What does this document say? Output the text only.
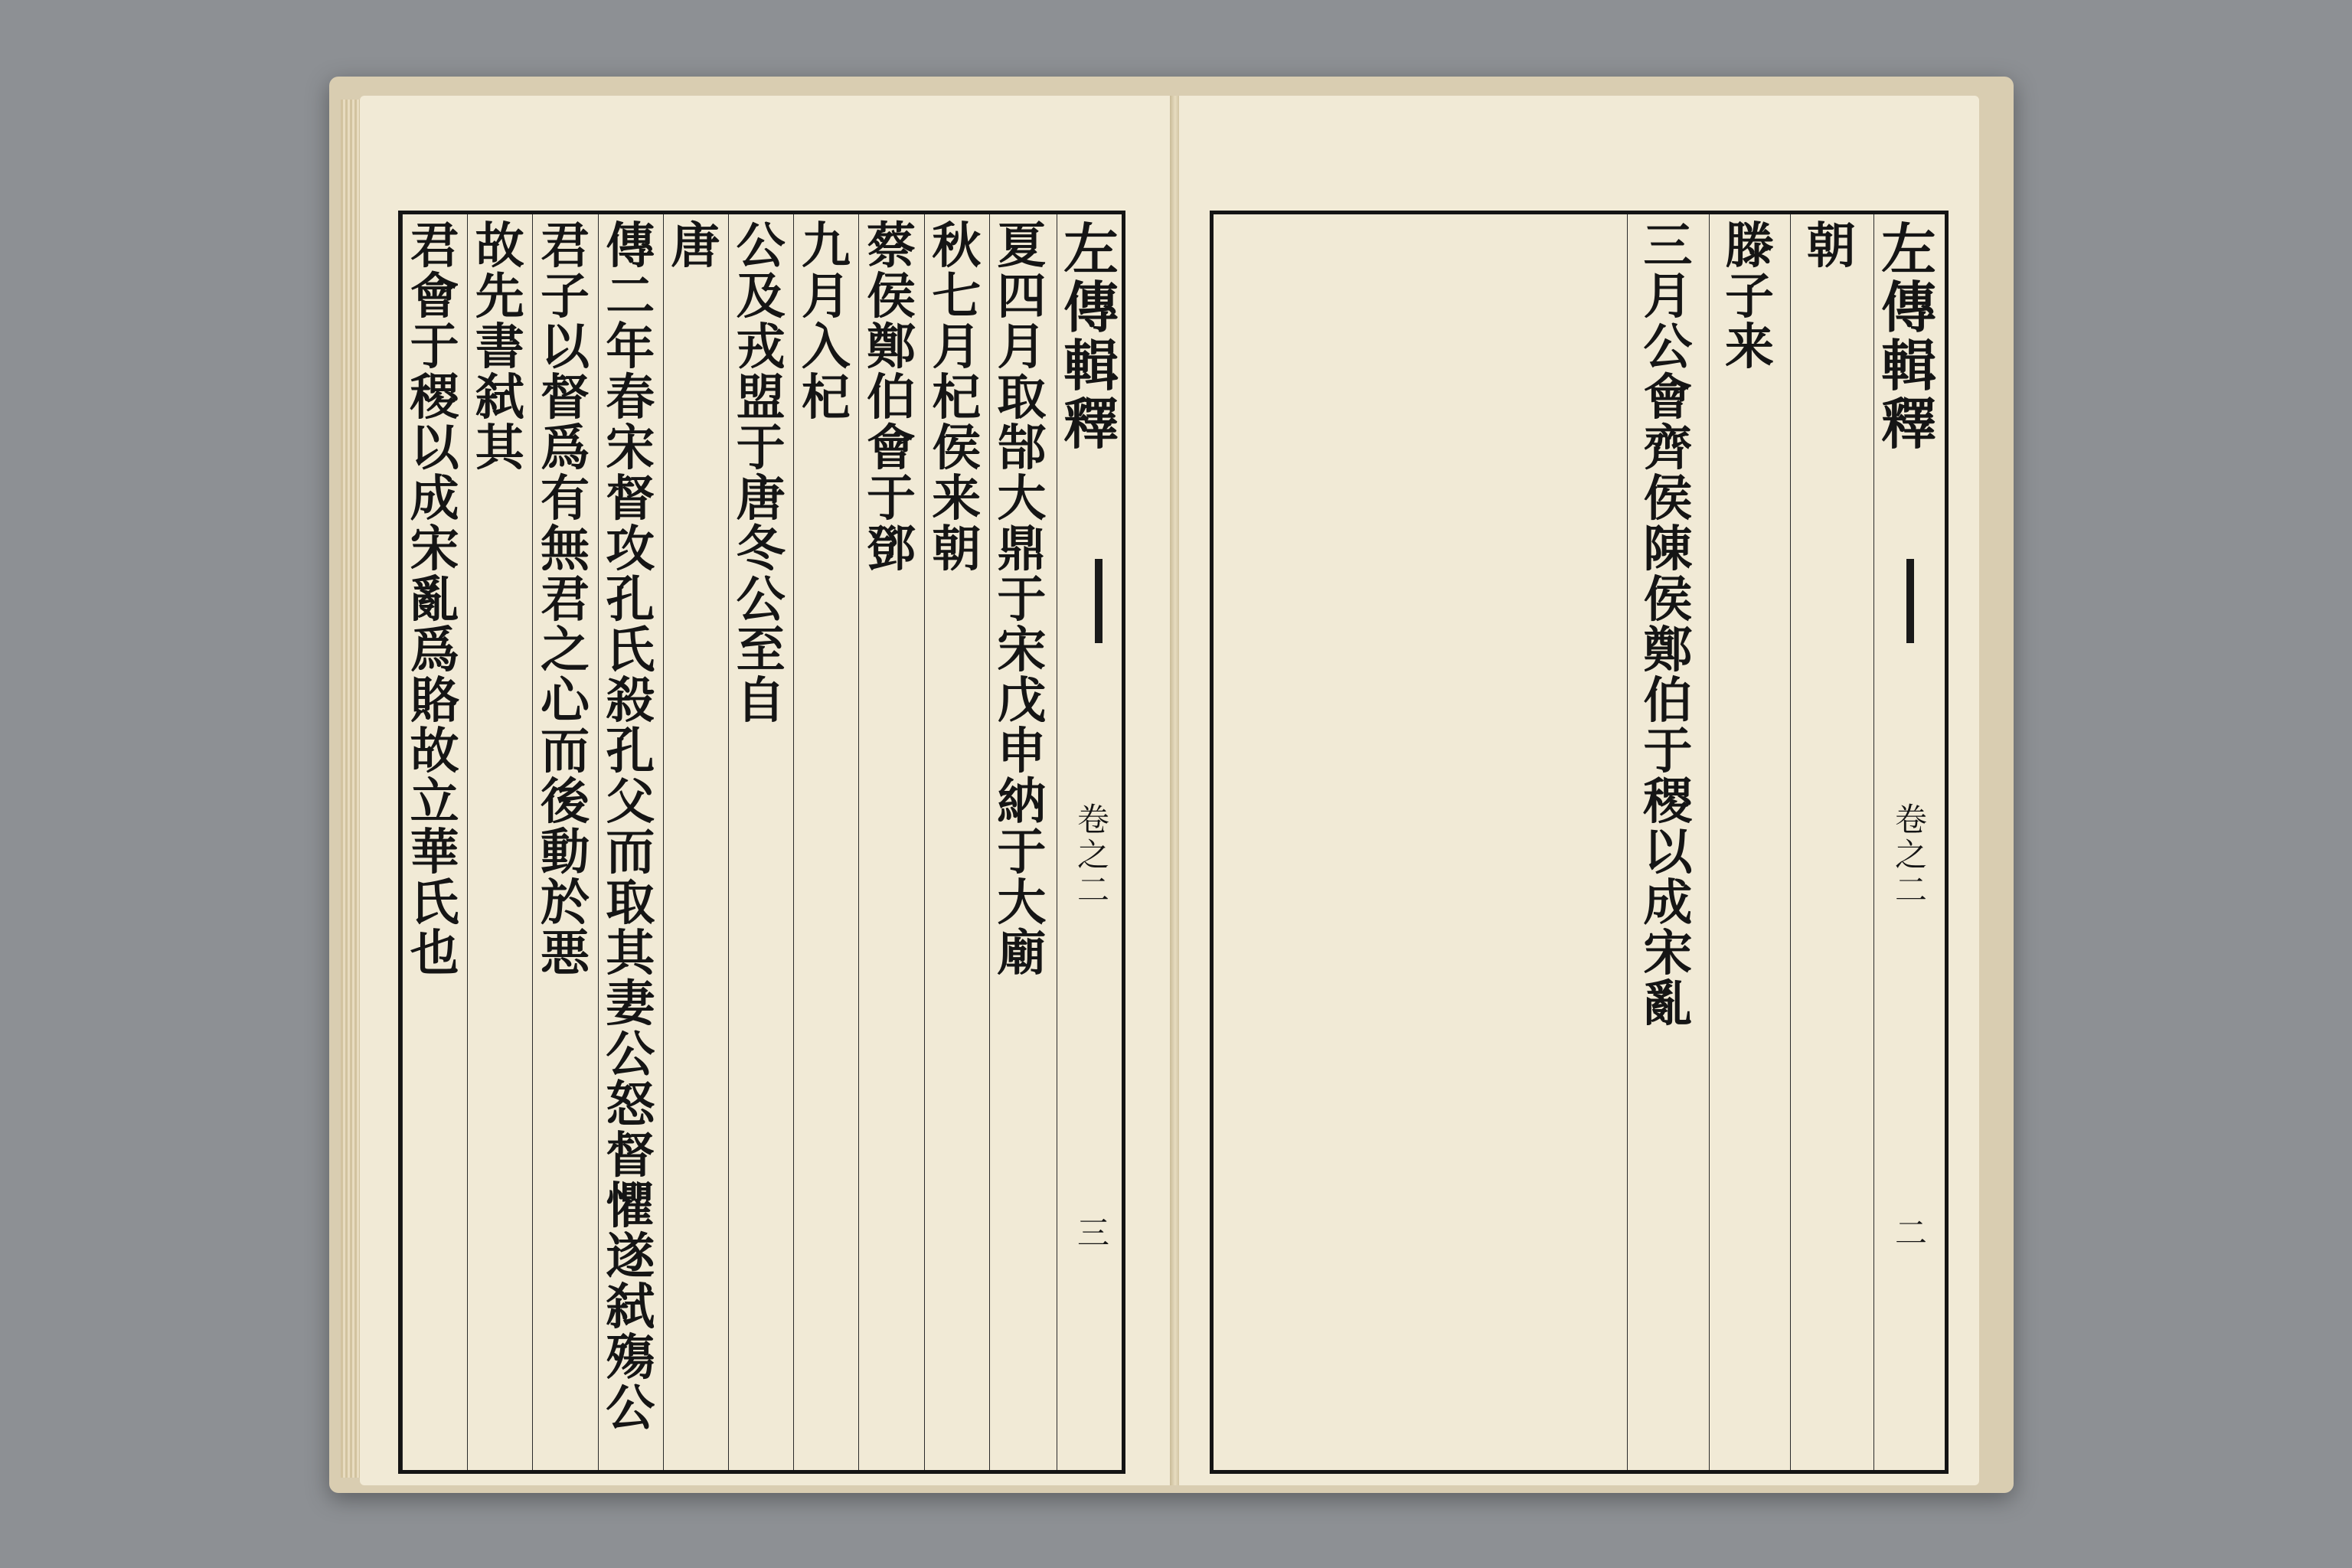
左
傳
輯
釋
卷
之
二
三
夏
四
月
取
郜
大
鼎
于
宋
戊
申
納
于
大
廟
秋
七
月
杞
侯
来
朝
蔡
侯
鄭
伯
會
于
鄧
九
月
入
杞
公
及
戎
盟
于
唐
冬
公
至
自
唐
傳
二
年
春
宋
督
攻
孔
氏
殺
孔
父
而
取
其
妻
公
怒
督
懼
遂
弑
殤
公
君
子
以
督
爲
有
無
君
之
心
而
後
動
於
悪
故
先
書
弑
其
君
會
于
稷
以
成
宋
亂
爲
賂
故
立
華
氏
也
左
傳
輯
釋
卷
之
二
二
朝
滕
子
来
三
月
公
會
齊
侯
陳
侯
鄭
伯
于
稷
以
成
宋
亂
